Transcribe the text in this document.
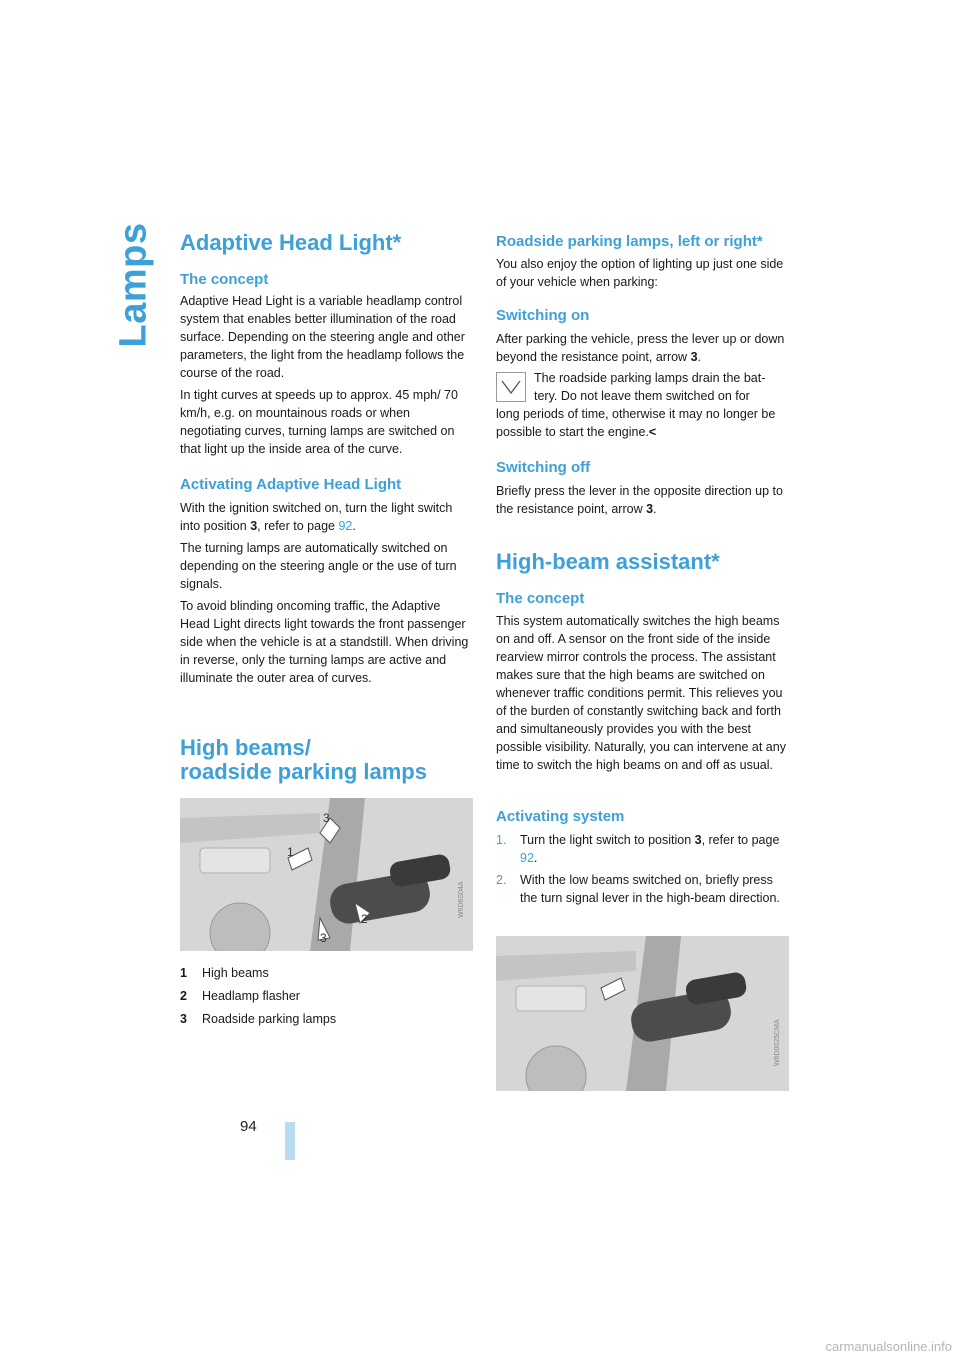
Lamps
94
Adaptive Head Light*
The concept

Adaptive Head Light is a variable headlamp control system that enables better illumination of the road surface. Depending on the steering angle and other parameters, the light from the headlamp follows the course of the road.

In tight curves at speeds up to approx. 45 mph/ 70 km/h, e.g. on mountainous roads or when negotiating curves, turning lamps are switched on that light up the inside area of the curve.

Activating Adaptive Head Light

With the ignition switched on, turn the light switch into position 3, refer to page 92.

The turning lamps are automatically switched on depending on the steering angle or the use of turn signals.

To avoid blinding oncoming traffic, the Adaptive Head Light directs light towards the front passenger side when the vehicle is at a standstill. When driving in reverse, only the turning lamps are active and illuminate the outer area of curves.

High beams/
roadside parking lamps
1
3
2
3
W6D6S04A
1 High beams
2 Headlamp flasher
3 Roadside parking lamps
Roadside parking lamps, left or right*

You also enjoy the option of lighting up just one side of your vehicle when parking:

Switching on

After parking the vehicle, press the lever up or down beyond the resistance point, arrow 3.

The roadside parking lamps drain the bat-

tery. Do not leave them switched on for

long periods of time, otherwise it may no longer be possible to start the engine.<

Switching off

Briefly press the lever in the opposite direction up to the resistance point, arrow 3.

High-beam assistant*
The concept

This system automatically switches the high beams on and off. A sensor on the front side of the inside rearview mirror controls the process. The assistant makes sure that the high beams are switched on whenever traffic conditions permit. This relieves you of the burden of constantly switching back and forth and simultaneously provides you with the best possible visibility. Naturally, you can intervene at any time to switch the high beams on and off as usual.

Activating system
1. Turn the light switch to position 3, refer to page 92.
2. With the low beams switched on, briefly press the turn signal lever in the high-beam direction.
W6D0025CMA
carmanualsonline.info
